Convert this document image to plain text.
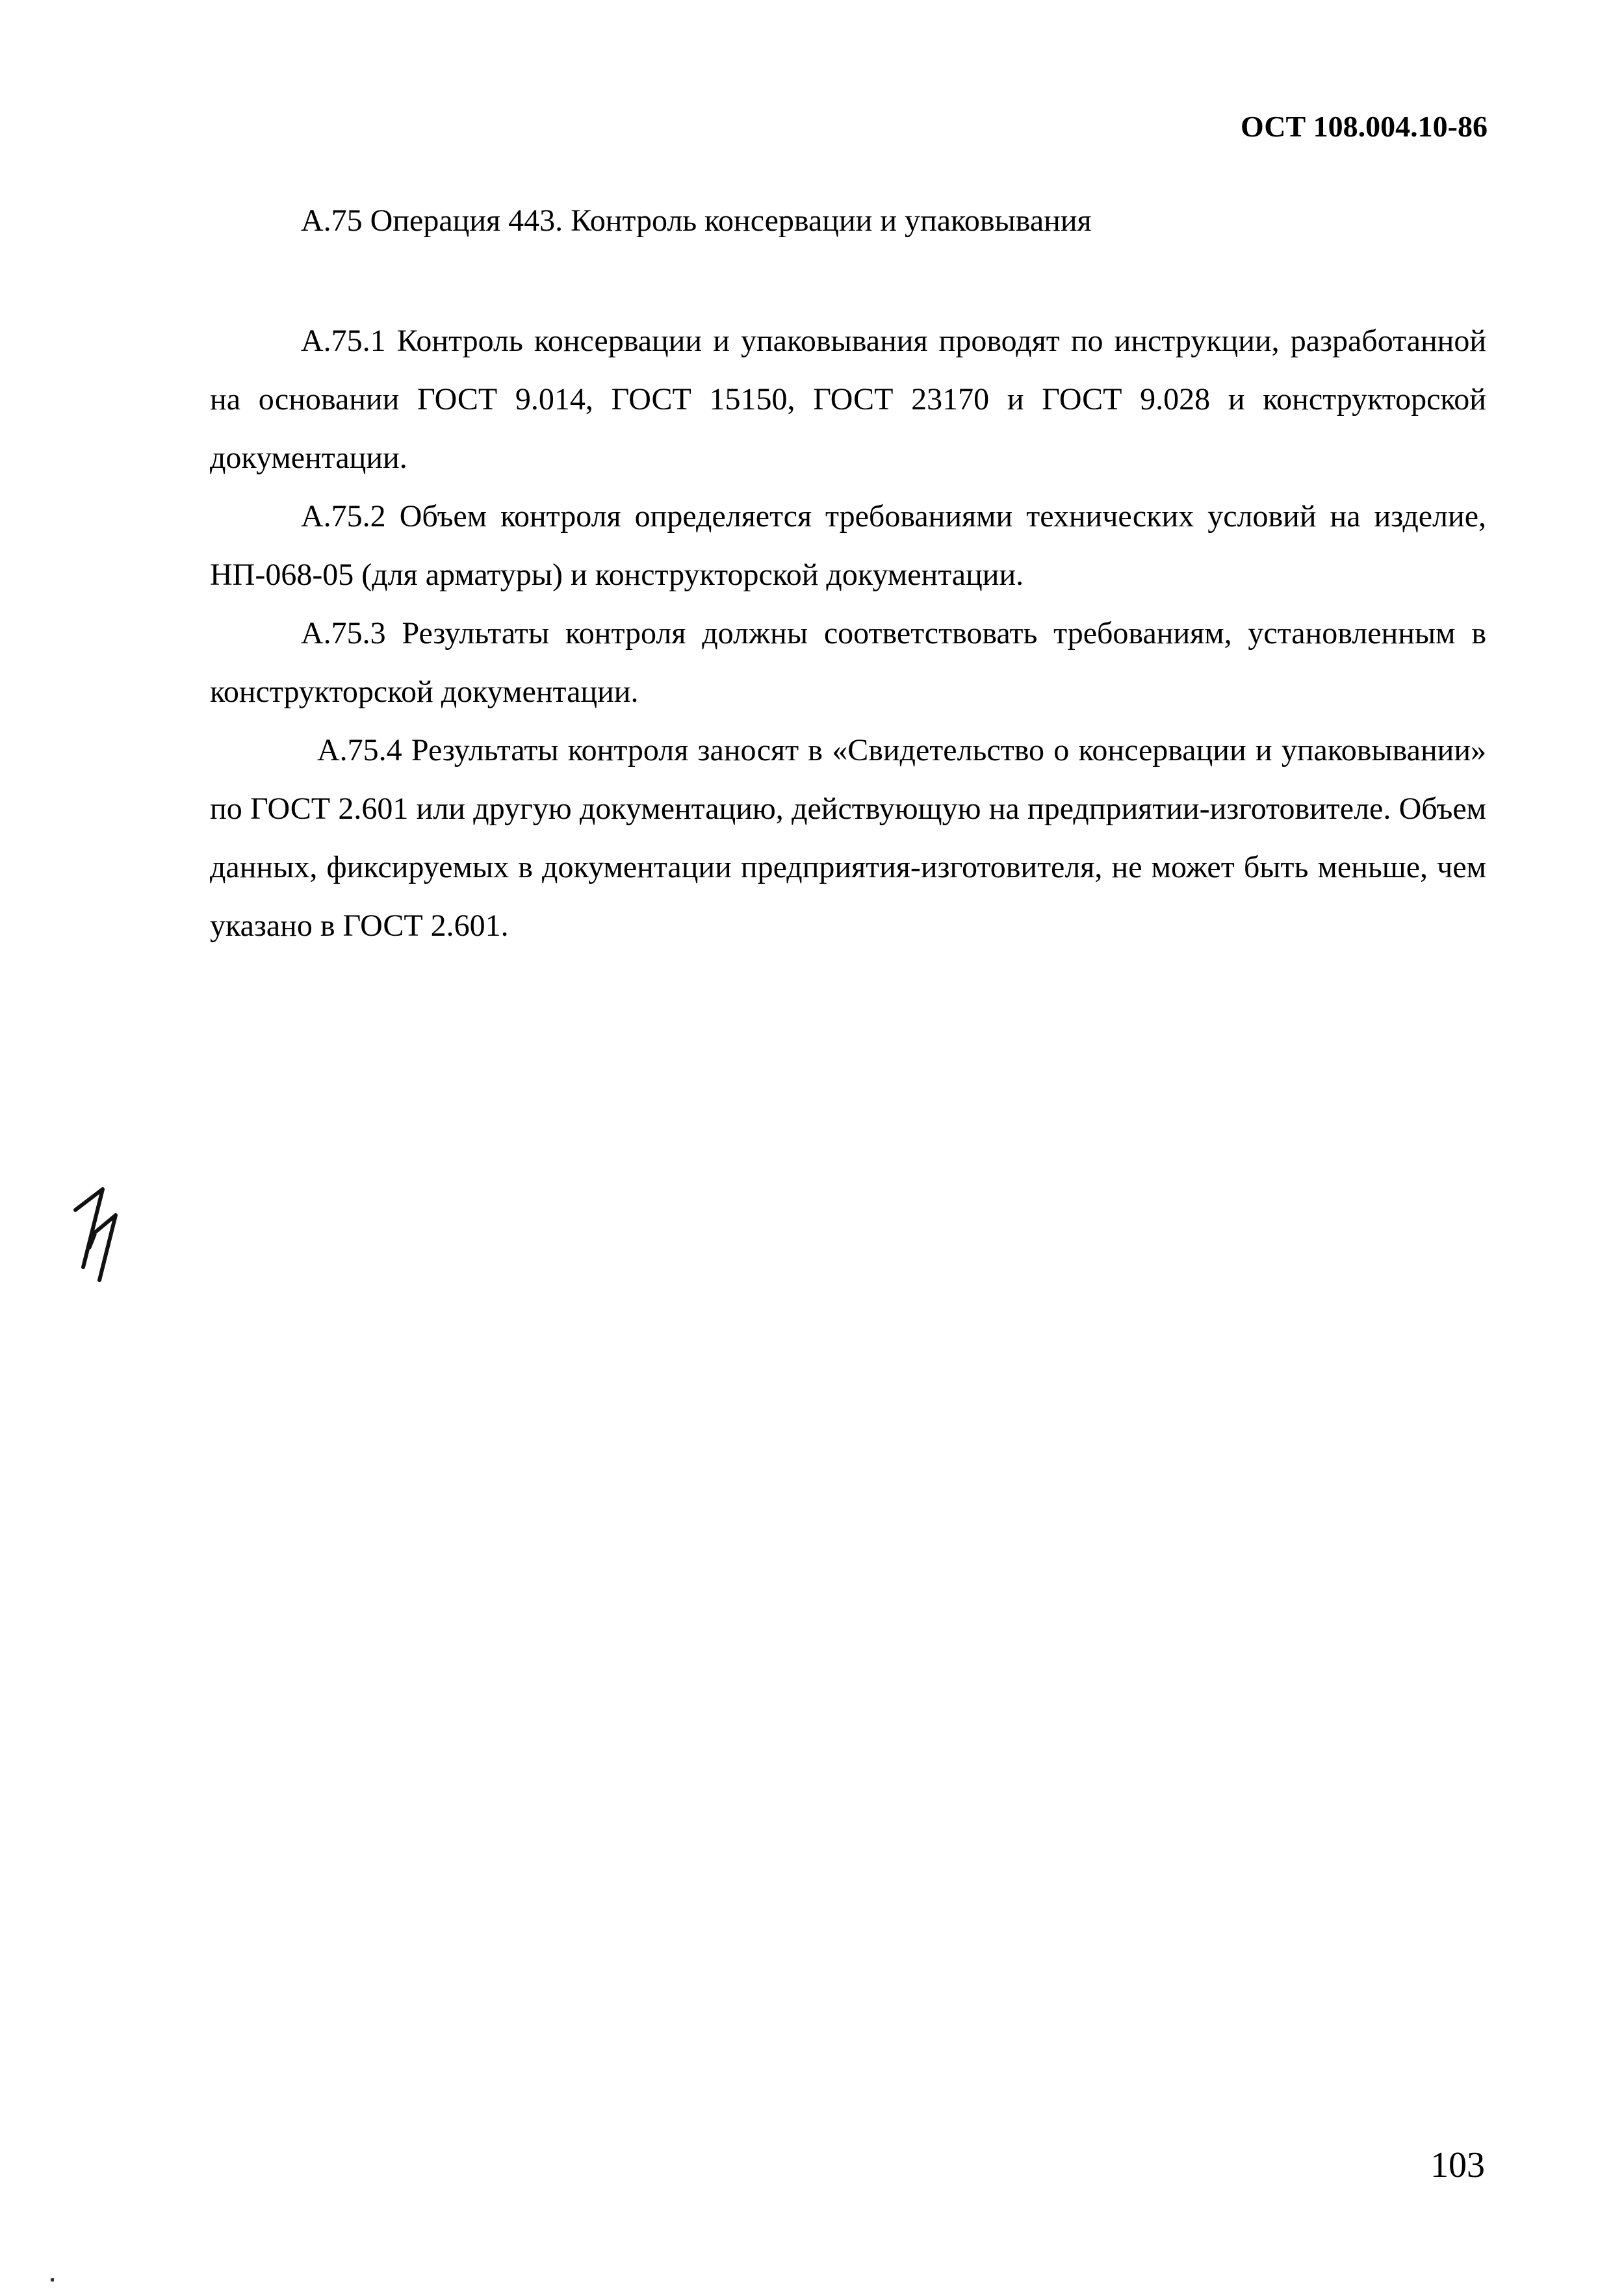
ОСТ 108.004.10-86
А.75 Операция 443. Контроль консервации и упаковывания

А.75.1 Контроль консервации и упаковывания проводят по инструкции, разработанной на основании ГОСТ 9.014, ГОСТ 15150, ГОСТ 23170 и ГОСТ 9.028 и конструкторской документации.

А.75.2 Объем контроля определяется требованиями технических условий на изделие, НП-068-05 (для арматуры) и конструкторской документации.

А.75.3 Результаты контроля должны соответствовать требованиям, установленным в конструкторской документации.

А.75.4 Результаты контроля заносят в «Свидетельство о консервации и упаковывании» по ГОСТ 2.601 или другую документацию, действующую на предприятии-изготовителе. Объем данных, фиксируемых в документации предприятия-изготовителя, не может быть меньше, чем указано в ГОСТ 2.601.

103
